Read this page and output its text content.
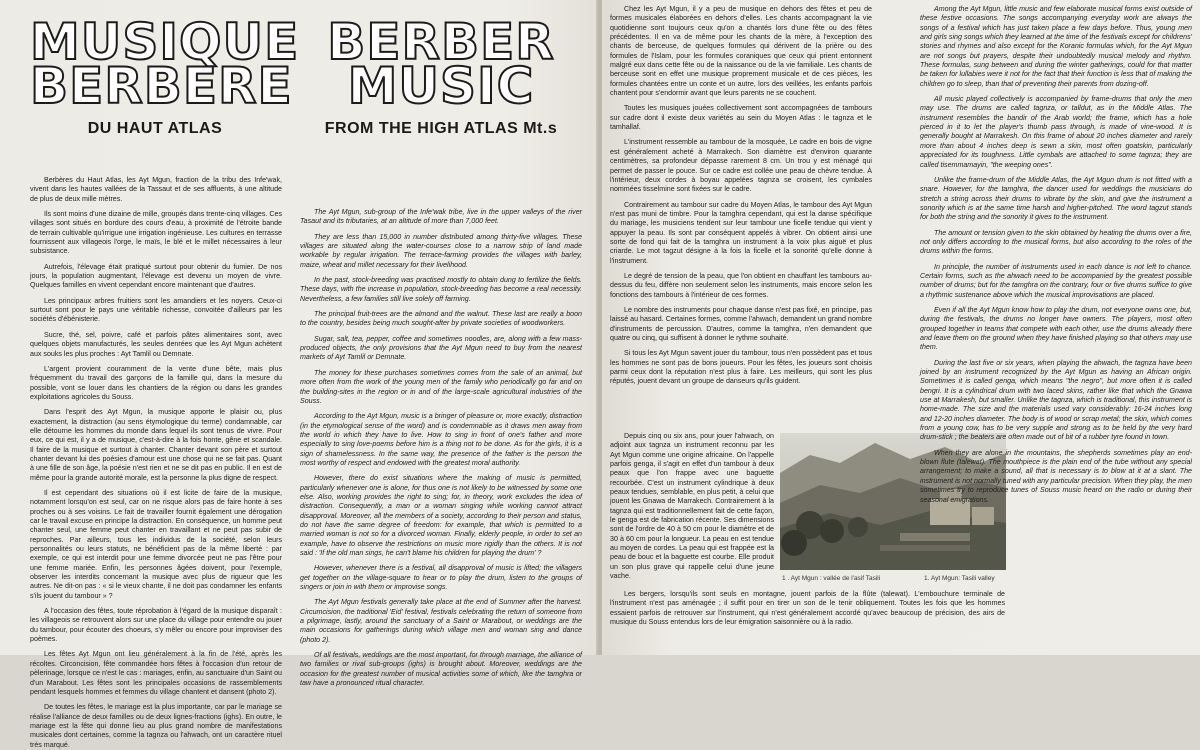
MUSIQUE
BERBERE
DU HAUT ATLAS
BERBER
MUSIC
FROM THE HIGH ATLAS Mt.s

Berbères du Haut Atlas, les Ayt Mgun, fraction de la tribu des Infe'wak, vivent dans les hautes vallées de la Tassaut et de ses affluents, à une altitude de plus de deux mille mètres.

Ils sont moins d'une dizaine de mille, groupés dans trente-cinq villages. Ces villages sont situés en bordure des cours d'eau, à proximité de l'étroite bande de terrain cultivable qu'irrigue une irrigation ingénieuse. Les cultures en terrasse fournissent aux villageois l'orge, le maïs, le blé et le millet nécessaires à leur subsistance.

Autrefois, l'élevage était pratiqué surtout pour obtenir du fumier. De nos jours, la population augmentant, l'élevage est devenu un moyen de vivre. Quelques familles en vivent cependant encore maintenant que d'autres.

Les principaux arbres fruitiers sont les amandiers et les noyers. Ceux-ci surtout sont pour le pays une véritable richesse, convoitée d'ailleurs par les sociétés d'ébénisterie.

Sucre, thé, sel, poivre, café et parfois pâtes alimentaires sont, avec quelques objets manufacturés, les seules denrées que les Ayt Mgun achètent aux souks les plus proches : Ayt Tamlil ou Demnate.

L'argent provient couramment de la vente d'une bête, mais plus fréquemment du travail des garçons de la famille qui, dans la mesure du possible, vont se louer dans les chantiers de la région ou dans les grandes exploitations agricoles du Souss.

Dans l'esprit des Ayt Mgun, la musique apporte le plaisir ou, plus exactement, la distraction (au sens étymologique du terme) condamnable, car elle détourne les hommes du monde dans lequel ils sont tenus de vivre. Pour eux, ce qui est, il y a de musique, c'est-à-dire à la fois honte, gêne et scandale. Il faire de la musique et surtout à chanter. Chanter devant son père et surtout chanter devant lui des poésies d'amour est une chose qui ne se fait pas. Quant à une fille de son âge, la poésie n'est rien et ne se dit pas en public. Il en est de même pour la grande autorité morale, est la personne la plus digne de respect.

Il est cependant des situations où il est licite de faire de la musique, notamment lorsqu'on est seul, car on ne risque alors pas de faire honte à ses proches ou à ses voisins. Le fait de travailler fournit également une dérogation car le travail excuse en principe la distraction. En conséquence, un homme peut chanter seul, une femme peut chanter en travaillant et ne peut pas subir de reproches. Par ailleurs, tous les individus de la société, selon leurs personnalités ou leurs statuts, ne bénéficient pas de la même liberté : par exemple, ce qui est interdit pour une femme divorcée peut ne pas l'être pour une femme mariée. Enfin, les personnes âgées doivent, pour l'exemple, observer les interdits concernant la musique avec plus de rigueur que les autres. Ne dit-on pas : « si le vieux chante, il ne doit pas condamner les enfants s'ils jouent du tambour » ?

A l'occasion des fêtes, toute réprobation à l'égard de la musique disparaît : les villageois se retrouvent alors sur une place du village pour entendre ou jouer du tambour, pour écouter des choeurs, s'y mêler ou encore pour improviser des poèmes.

Les fêtes Ayt Mgun ont lieu généralement à la fin de l'été, après les récoltes. Circoncision, fête commandée hors fêtes à l'occasion d'un retour de pèlerinage, lorsque ce n'est le cas : mariages, enfin, au sanctuaire d'un Saint ou d'un Marabout. Les fêtes sont les principales occasions de rassemblements pendant lesquels hommes et femmes du village chantent et dansent (photo 2).

De toutes les fêtes, le mariage est la plus importante, car par le mariage se réalise l'alliance de deux familles ou de deux lignes-fractions (ighs). En outre, le mariage est la fête qui donne lieu au plus grand nombre de manifestations musicales dont certaines, comme la tagnza ou l'ahwach, ont un caractère rituel très marqué.

The Ayt Mgun, sub-group of the Infe'wak tribe, live in the upper valleys of the river Tasaut and its tributaries, at an altitude of more than 7,000 feet.

They are less than 15,000 in number distributed among thirty-five villages. These villages are situated along the water-courses close to a narrow strip of land made workable by regular irrigation. The terrace-farming provides the villages with barley, maize, wheat and millet necessary for their livelihood.

In the past, stock-breeding was practised mostly to obtain dung to fertilize the fields. These days, with the increase in population, stock-breeding has become a real necessity. Nevertheless, a few families still live solely off farming.

The principal fruit-trees are the almond and the walnut. These last are really a boon to the country, besides being much sought-after by private societies of woodworkers.

Sugar, salt, tea, pepper, coffee and sometimes noodles, are, along with a few mass-produced objects, the only provisions that the Ayt Mgun need to buy from the nearest markets of Ayt Tamlil or Demnate.

The money for these purchases sometimes comes from the sale of an animal, but more often from the work of the young men of the family who periodically go far and on the building-sites in the region or in and of the large-scale agricultural industries of the Souss.

According to the Ayt Mgun, music is a bringer of pleasure or, more exactly, distraction (in the etymological sense of the word) and is condemnable as it draws men away from the world in which they have to live. How to sing in front of one's father and more especially to sing love-poems before him is a thing not to be done. As for the girls, it is a sign of shamelessness. In the same way, the presence of the father is the person the most worthy of respect and endowed with the greatest moral authority.

However, there do exist situations where the making of music is permitted, particularly whenever one is alone, for thus one is not likely to be witnessed by some one else. Also, working provides the right to sing; for, in theory, work excludes the idea of distraction. Consequently, a man or a woman singing while working cannot attract disapproval. Moreover, all the members of a society, according to their person and status, do not have the same degree of freedom: for example, that which is permitted to a married woman is not so for a divorced woman. Finally, elderly people, in order to set an example, have to observe the restrictions on music more rigidly than the others. It is not said : 'If the old man sings, he can't blame his children for playing the drum' ?

However, whenever there is a festival, all disapproval of music is lifted; the villagers get together on the village-square to hear or to play the drum, listen to the groups of singers or join in with them or improvise songs.

The Ayt Mgun festivals generally take place at the end of Summer after the harvest. Circumcision, the traditional 'Eid' festival, festivals celebrating the return of someone from a pilgrimage, lastly, around the sanctuary of a Saint or Marabout, or weddings are the main occasions for gatherings during which village men and woman sing and dance (photo 2).

Of all festivals, weddings are the most important, for through marriage, the alliance of two families or rival sub-groups (ighs) is brought about. Moreover, weddings are the occasion for the greatest number of musical activities some of which, like the tamghra or taw have a pronounced ritual character.

Chez les Ayt Mgun, il y a peu de musique en dehors des fêtes et peu de formes musicales élaborées en dehors d'elles. Les chants accompagnant la vie quotidienne sont toujours ceux qu'on a chantés lors d'une fête ou des fêtes précédentes. Il en va de même pour les chants de la mère, à l'exception des chants de berceuse, de quelques formules qui dérivent de la prière ou des formules de l'Islam, pour les formules coraniques que ceux qui prient entonnent malgré eux dans cette fête ou de la naissance ou de la vie familiale. Les chants de berceuse sont en effet une musique proprement musicale et de ces pièces, les formules chantées entre un conte et un autre, lors des veillées, les enfants parfois chantent pour s'endormir avant que leurs parents ne se couchent.

Toutes les musiques jouées collectivement sont accompagnées de tambours sur cadre dont il existe deux variétés au sein du Moyen Atlas : le tagnza et le tamhallaf.

L'instrument ressemble au tambour de la mosquée, Le cadre en bois de vigne est généralement acheté à Marrakech. Son diamètre est d'environ quarante centimètres, sa profondeur dépasse rarement 8 cm. Un trou y est ménagé qui permet de passer le pouce. Sur ce cadre est collée une peau de chèvre tendue. À l'intérieur, deux cordes à boyau appelées tagnza se croisent, les cymbales nommées tisselmine sont fixées sur le cadre.

Contrairement au tambour sur cadre du Moyen Atlas, le tambour des Ayt Mgun n'est pas muni de timbre. Pour la tamghra cependant, qui est la danse spécifique du mariage, les musiciens tendent sur leur tambour une ficelle tendue qui vient y appuyer la peau. Ils sont par conséquent appelés à vibrer. On obtient ainsi une sorte de fond qui fait de la tamghra un instrument à la voix plus aiguë et plus criarde. Le mot tagzut désigne à la fois la ficelle et la sonorité qu'elle donne à l'instrument.

Le degré de tension de la peau, que l'on obtient en chauffant les tambours au-dessus du feu, diffère non seulement selon les instruments, mais encore selon les fonctions des tambours à l'intérieur de ces formes.

Le nombre des instruments pour chaque danse n'est pas fixé, en principe, pas laissé au hasard. Certaines formes, comme l'ahwach, demandent un grand nombre d'instruments de percussion. D'autres, comme la tamghra, n'en demandent que quatre ou cinq, qui suffisent à donner le rythme souhaité.

Si tous les Ayt Mgun savent jouer du tambour, tous n'en possèdent pas et tous les hommes ne sont pas de bons joueurs. Pour les fêtes, les joueurs sont choisis parmi ceux dont la réputation n'est plus à faire. Les meilleurs, qui sont les plus réputés, jouent devant un groupe de danseurs qu'ils guident.

Depuis cinq ou six ans, pour jouer l'ahwach, on adjoint aux tagnza un instrument reconnu par les Ayt Mgun comme une origine africaine. On l'appelle parfois genga, il s'agit en effet d'un tambour à deux peaux que l'on frappe avec une baguette recourbée. C'est un instrument cylindrique à deux peaux tendues, semblable, en plus petit, à celui que jouent les Gnawa de Marrakech. Contrairement à la tagnza qui est traditionnellement fait de cette façon, le genga est de fabrication récente. Ses dimensions sont de l'ordre de 40 à 50 cm pour le diamètre et de 30 à 60 cm pour la longueur. La peau en est tendue au moyen de cordes. La peau qui est frappée est la peau de bouc et la baguette est courbe. Elle produit un son plus grave qui rappelle celui d'une jeune vache.

Les bergers, lorsqu'ils sont seuls en montagne, jouent parfois de la flûte (talewat). L'embouchure terminale de l'instrument n'est pas aménagée ; il suffit pour en tirer un son de le tenir obliquement. Toutes les fois que les hommes essaient parfois de retrouver sur l'instrument, qui n'est généralement accordé qu'avec beaucoup de précision, des airs de musique du Souss entendus lors de leur émigration saisonnière ou à la radio.

1 . Ayt Mgun : vallée de l'asif Tasili	1. Ayt Mgun: Tasili valley

Among the Ayt Mgun, little music and few elaborate musical forms exist outside of these festive occasions. The songs accompanying everyday work are always the songs of a festival which has just taken place a few days before. Thus, young men and girls sing songs which they learned at the time of the festivals except for childrens' stories and rhymes and also except for the Koranic formulas which, for the Ayt Mgun are not songs but prayers, despite their undoubtedly musical melody and rhythm. These formulas, sung between and during the winter gatherings, could for that matter be taken for lullabies were it not for the fact that their function is less that of making the children go to sleep, than that of preventing their parents from dozing-off.

All music played collectively is accompanied by frame-drums that only the men may use. The drums are called tagnza, or talldut, as in the Middle Atlas. The instrument resembles the bandir of the Arab world; the frame, which has a hole pierced in it to let the player's thumb pass through, is made of vine-wood. It is generally bought at Marrakesh. On this frame of about 20 inches diameter and rarely more than about 4 inches deep is sewn a skin, most often goatskin, particularly appreciated for its toughness. Little cymbals are attached to some tagnza; they are called tisemmamayin, "the weeping ones".

Unlike the frame-drum of the Middle Atlas, the Ayt Mgun drum is not fitted with a snare. However, for the tamghra, the dancer used for weddings the musicians do stretch a string across their drums to vibrate by the skin, and give the instrument a sonority which is at the same time harsh and higher-pitched. The word tagzut stands for both the string and the sonority it gives to the instrument.

The amount or tension given to the skin obtained by heating the drums over a fire, not only differs according to the musical forms, but also according to the roles of the drums within the forms.

In principle, the number of instruments used in each dance is not left to chance. Certain forms, such as the ahwach need to be accompanied by the greatest possible number of drums; but for the tamghra on the contrary, four or five drums suffice to give a rhythmic sustenance above which the musical improvisations are placed.

Even if all the Ayt Mgun know how to play the drum, not everyone owns one, but, during the festivals, the drums no longer have owners. The players, most often grouped together in teams that compete with each other, use the drums already there and leave them on the ground when they have finished playing so that others may use them.

During the last five or six years, when playing the ahwach, the tagnza have been joined by an instrument recognized by the Ayt Mgun as having an African origin. Sometimes it is called genga, which means "the negro", but more often it is called bengri. It is a cylindrical drum with two laced skins, rather like that which the Gnawa use at Marrakesh, but smaller. Unlike the tagnza, which is traditional, this instrument is home-made. The size and the materials used vary considerably: 16-24 inches long and 12-20 inches diameter. The body is of wood or scrap metal; the skin, which comes from a young cow, has to be very supple and strong as to be held by the very hard drum-stick ; the beaters are often made out of bit of a rubber tyre found in town.

When they are alone in the mountains, the shepherds sometimes play an end-blown flute (talewat). The mouthpiece is the plain end of the tube without any special arrangement; to make a sound, all that is necessary is to blow at it at a slant. The instrument is not normally tuned with any particular precision. When they play, the men sometimes try to reproduce tunes of Souss music heard on the radio or during their seasonal emigrations.
